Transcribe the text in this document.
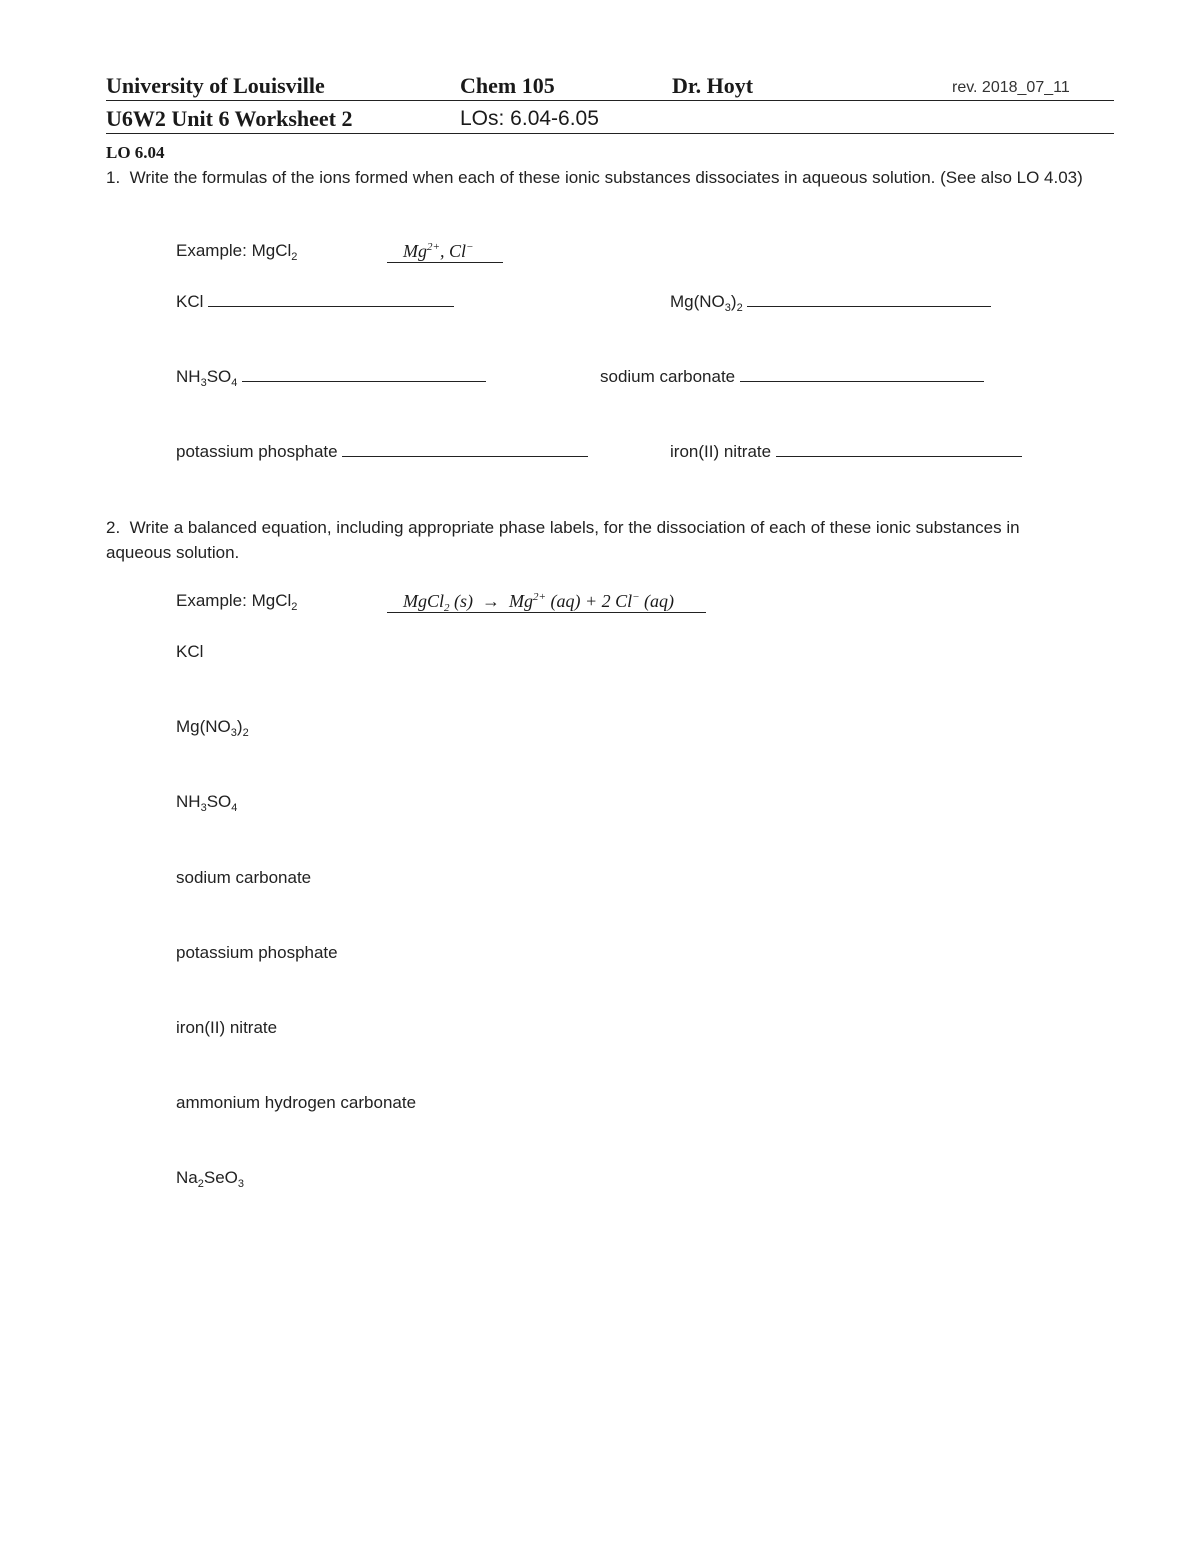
University of Louisville	Chem 105	Dr. Hoyt	rev. 2018_07_11
U6W2 Unit 6 Worksheet 2	LOs: 6.04-6.05
LO 6.04
1. Write the formulas of the ions formed when each of these ionic substances dissociates in aqueous solution. (See also LO 4.03)
Example: MgCl$_2$	$Mg^{2+}$, Cl−
KCl	$Mg(NO_3)_2$
$NH_3SO_4$	sodium carbonate
potassium phosphate	iron(II) nitrate
2. Write a balanced equation, including appropriate phase labels, for the dissociation of each of these ionic substances in aqueous solution.
Example: MgCl$_2$	MgCl$_2$ $(s) \to Mg^{2+}$ (aq) + 2 Cl− (aq)
KCl
$Mg(NO_3)_2$
$NH_3SO_4$
sodium carbonate
potassium phosphate
iron(II) nitrate
ammonium hydrogen carbonate
$Na_2SeO_3$
